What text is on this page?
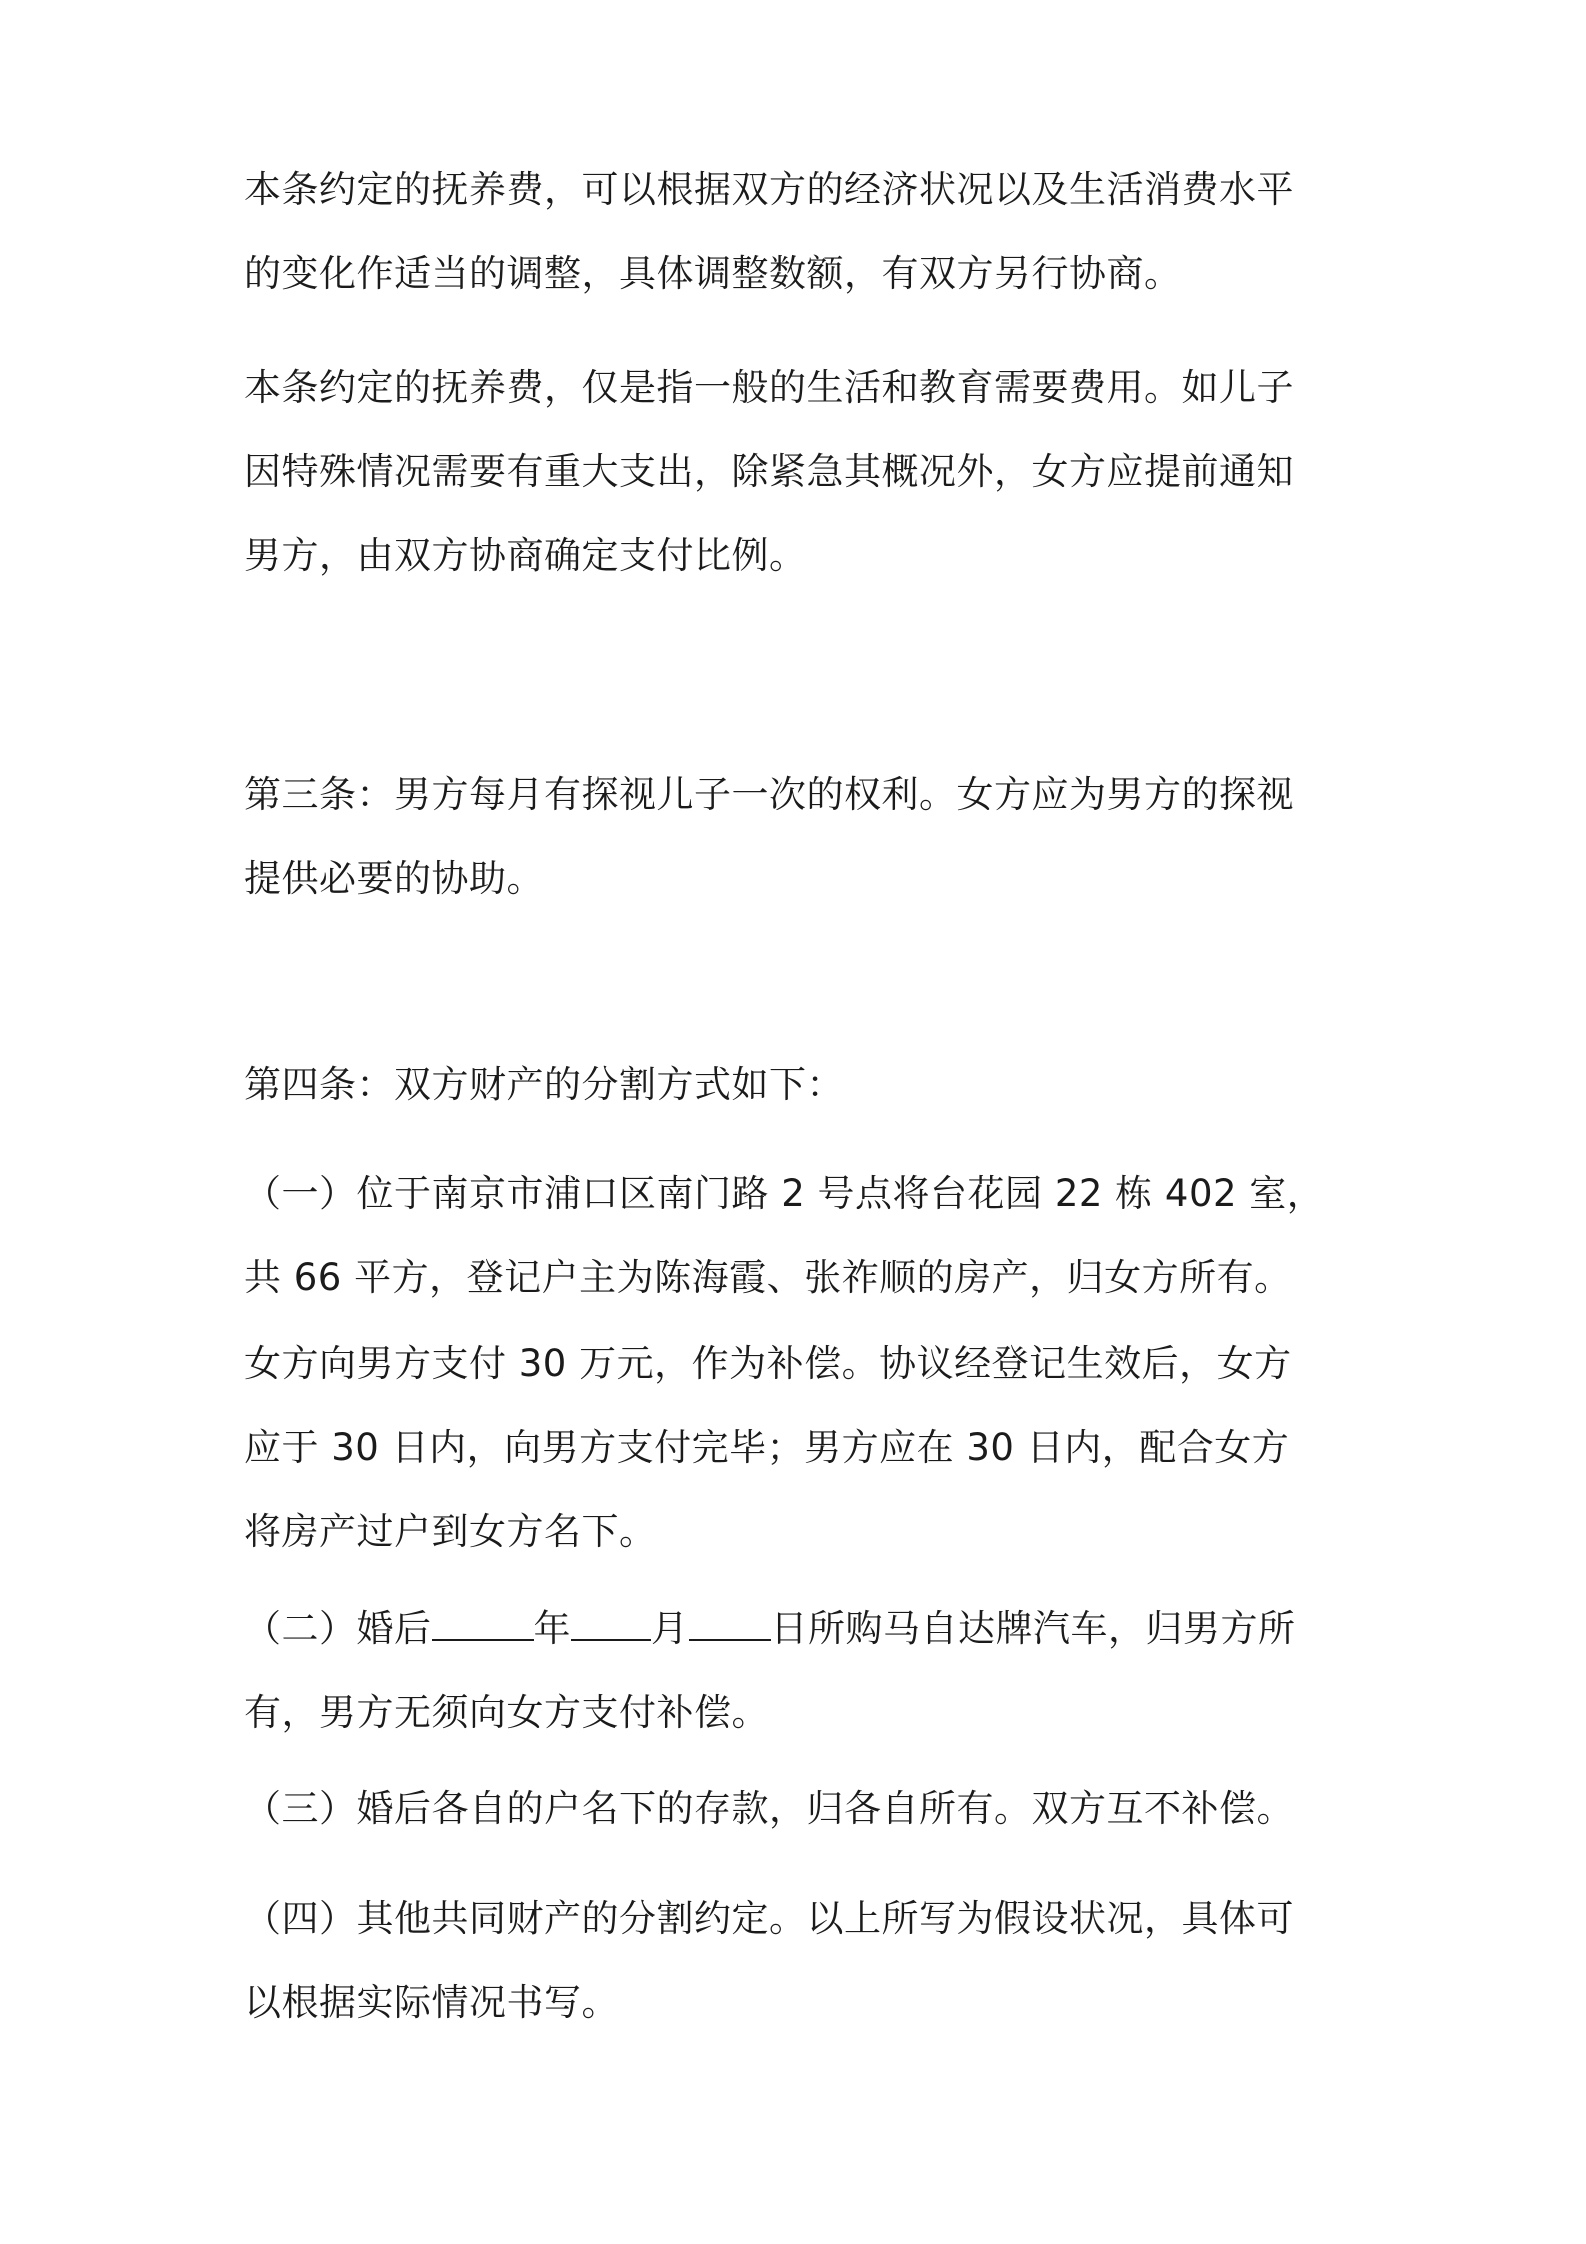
本条约定的抚养费，可以根据双方的经济状况以及生活消费水平
的变化作适当的调整，具体调整数额，有双方另行协商。

本条约定的抚养费，仅是指一般的生活和教育需要费用。如儿子
因特殊情况需要有重大支出，除紧急其概况外，女方应提前通知
男方，由双方协商确定支付比例。

第三条：男方每月有探视儿子一次的权利。女方应为男方的探视
提供必要的协助。

第四条：双方财产的分割方式如下：

（一）位于南京市浦口区南门路 2 号点将台花园 22 栋 402 室，
共 66 平方，登记户主为陈海霞、张祚顺的房产，归女方所有。

女方向男方支付 30 万元，作为补偿。协议经登记生效后，女方
应于 30 日内，向男方支付完毕；男方应在 30 日内，配合女方
将房产过户到女方名下。

（二）婚后	年 月 日所购马自达牌汽车，归男方所
有，男方无须向女方支付补偿。

（三）婚后各自的户名下的存款，归各自所有。双方互不补偿。

（四）其他共同财产的分割约定。以上所写为假设状况，具体可
以根据实际情况书写。
